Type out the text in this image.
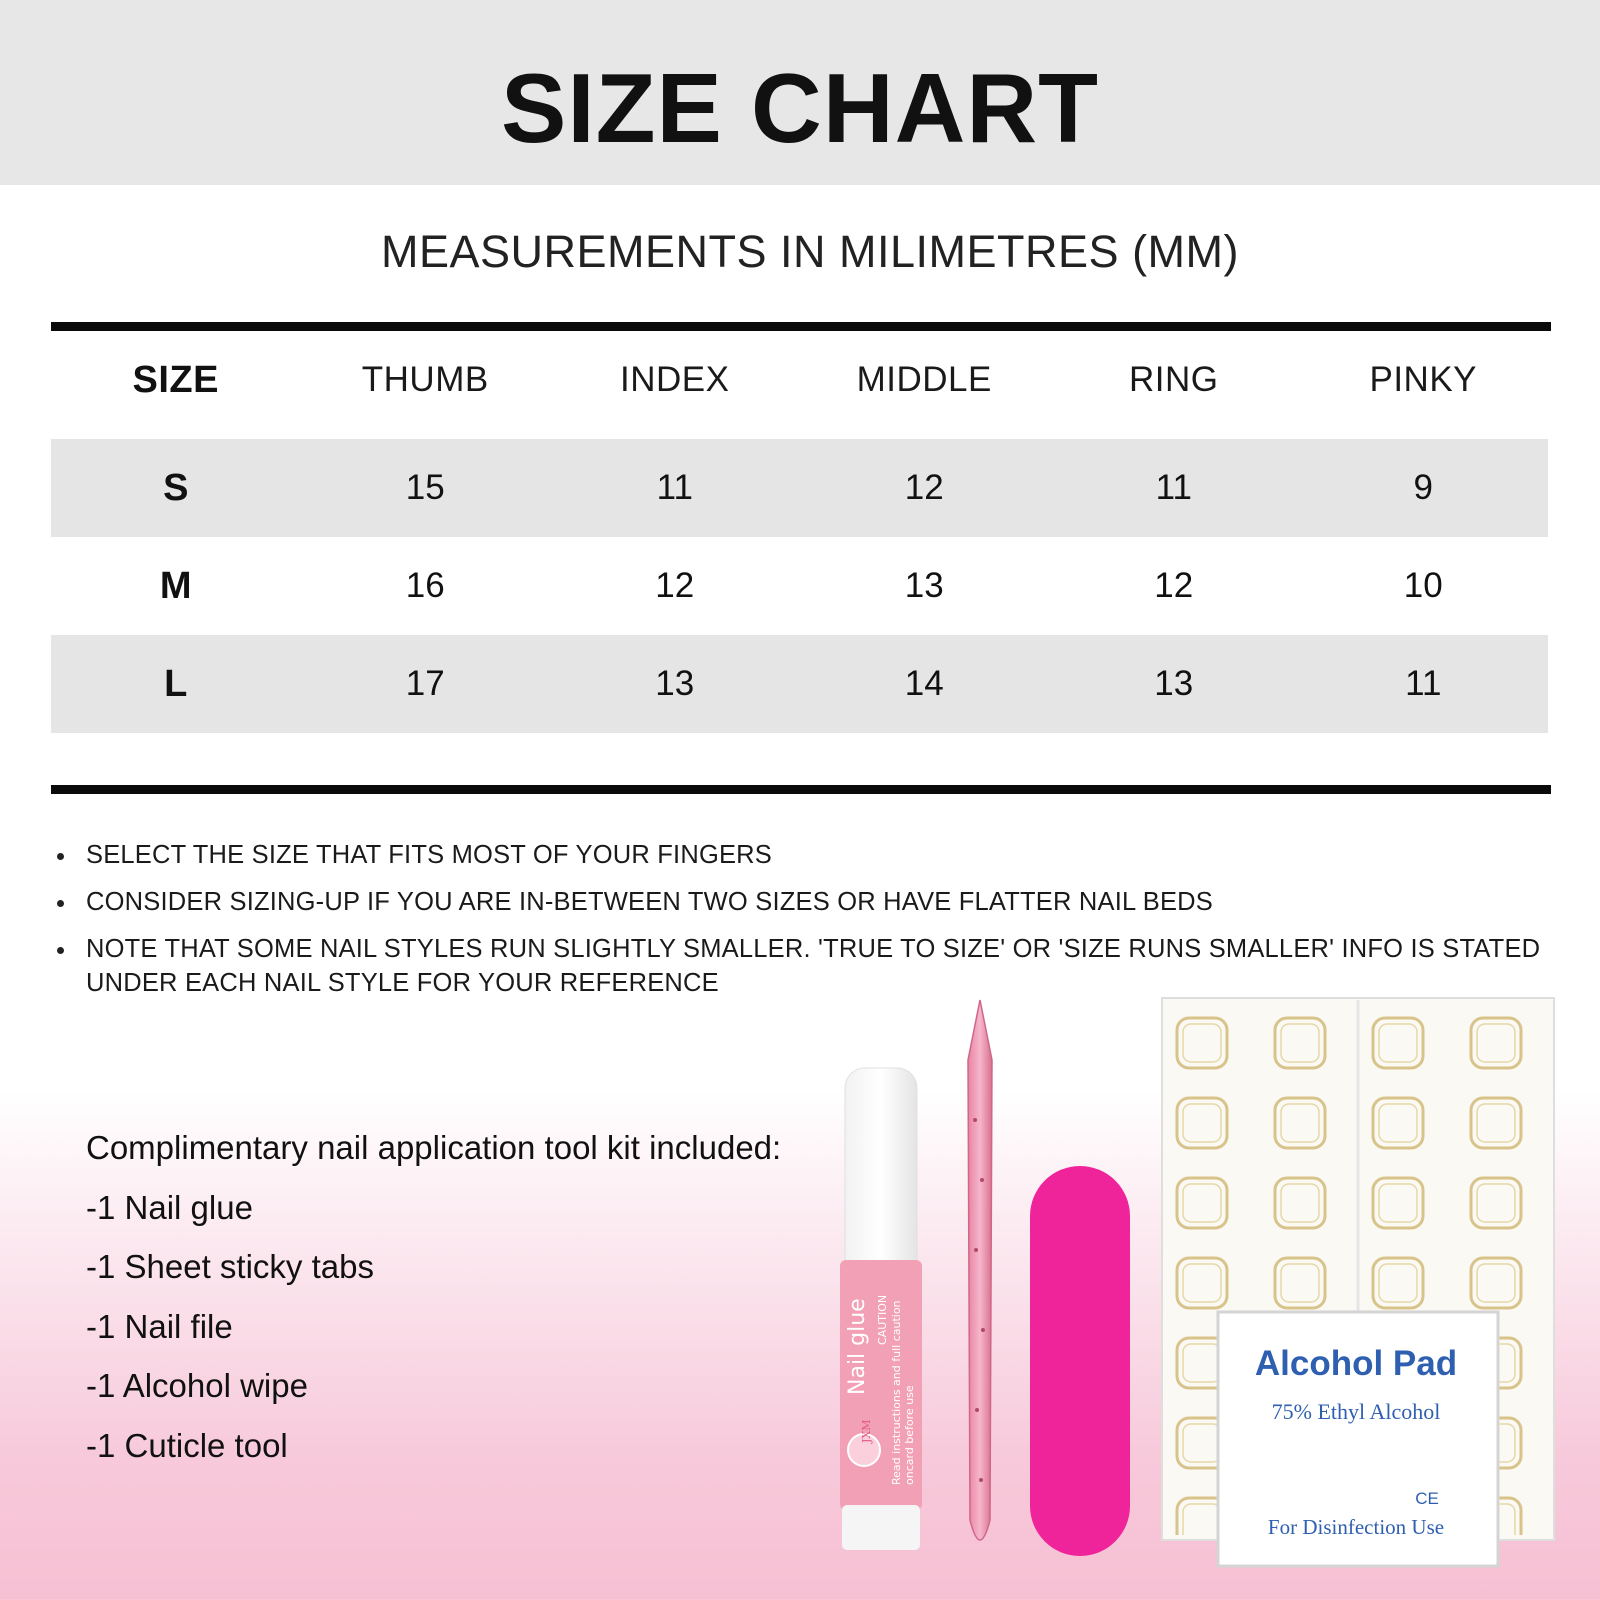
SIZE CHART
MEASUREMENTS IN MILIMETRES (MM)
SIZE	THUMB	INDEX	MIDDLE	RING	PINKY
S	15	11	12	11	9
M	16	12	13	12	10
L	17	13	14	13	11
SELECT THE SIZE THAT FITS MOST OF YOUR FINGERS
CONSIDER SIZING-UP IF YOU ARE IN-BETWEEN TWO SIZES OR HAVE FLATTER NAIL BEDS
NOTE THAT SOME NAIL STYLES RUN SLIGHTLY SMALLER. 'TRUE TO SIZE' OR 'SIZE RUNS SMALLER' INFO IS STATED UNDER EACH NAIL STYLE FOR YOUR REFERENCE
Complimentary nail application tool kit included:
-1 Nail glue
-1 Sheet sticky tabs
-1 Nail file
-1 Alcohol wipe
-1 Cuticle tool	JXM
Nail glue CAUTION Read instructions and full caution oncard before use
Alcohol Pad
75% Ethyl Alcohol
CE
For Disinfection Use
